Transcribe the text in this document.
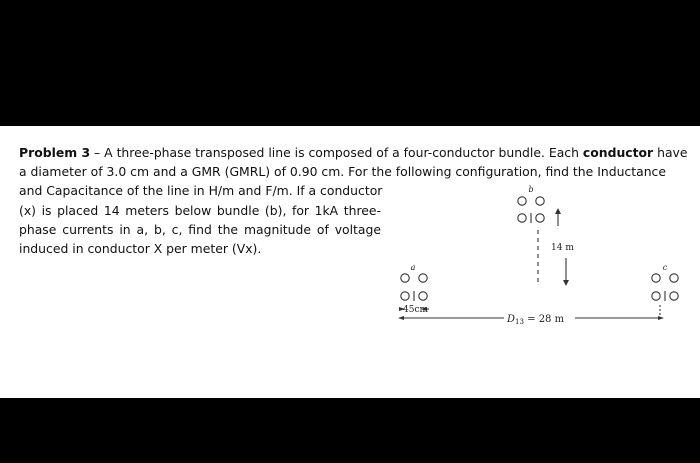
Problem 3 – A three-phase transposed line is composed of a four-conductor bundle. Each conductor have
a diameter of 3.0 cm and a GMR (GMRL) of 0.90 cm. For the following configuration, find the Inductance
and Capacitance of the line in H/m and F/m. If a conductor
(x) is placed 14 meters below bundle (b), for 1kA three-phase currents in a, b, c, find the magnitude of voltage induced in conductor X per meter (Vx).
a
b
c
14 m
45cm
$D_{13} = 28$ m
